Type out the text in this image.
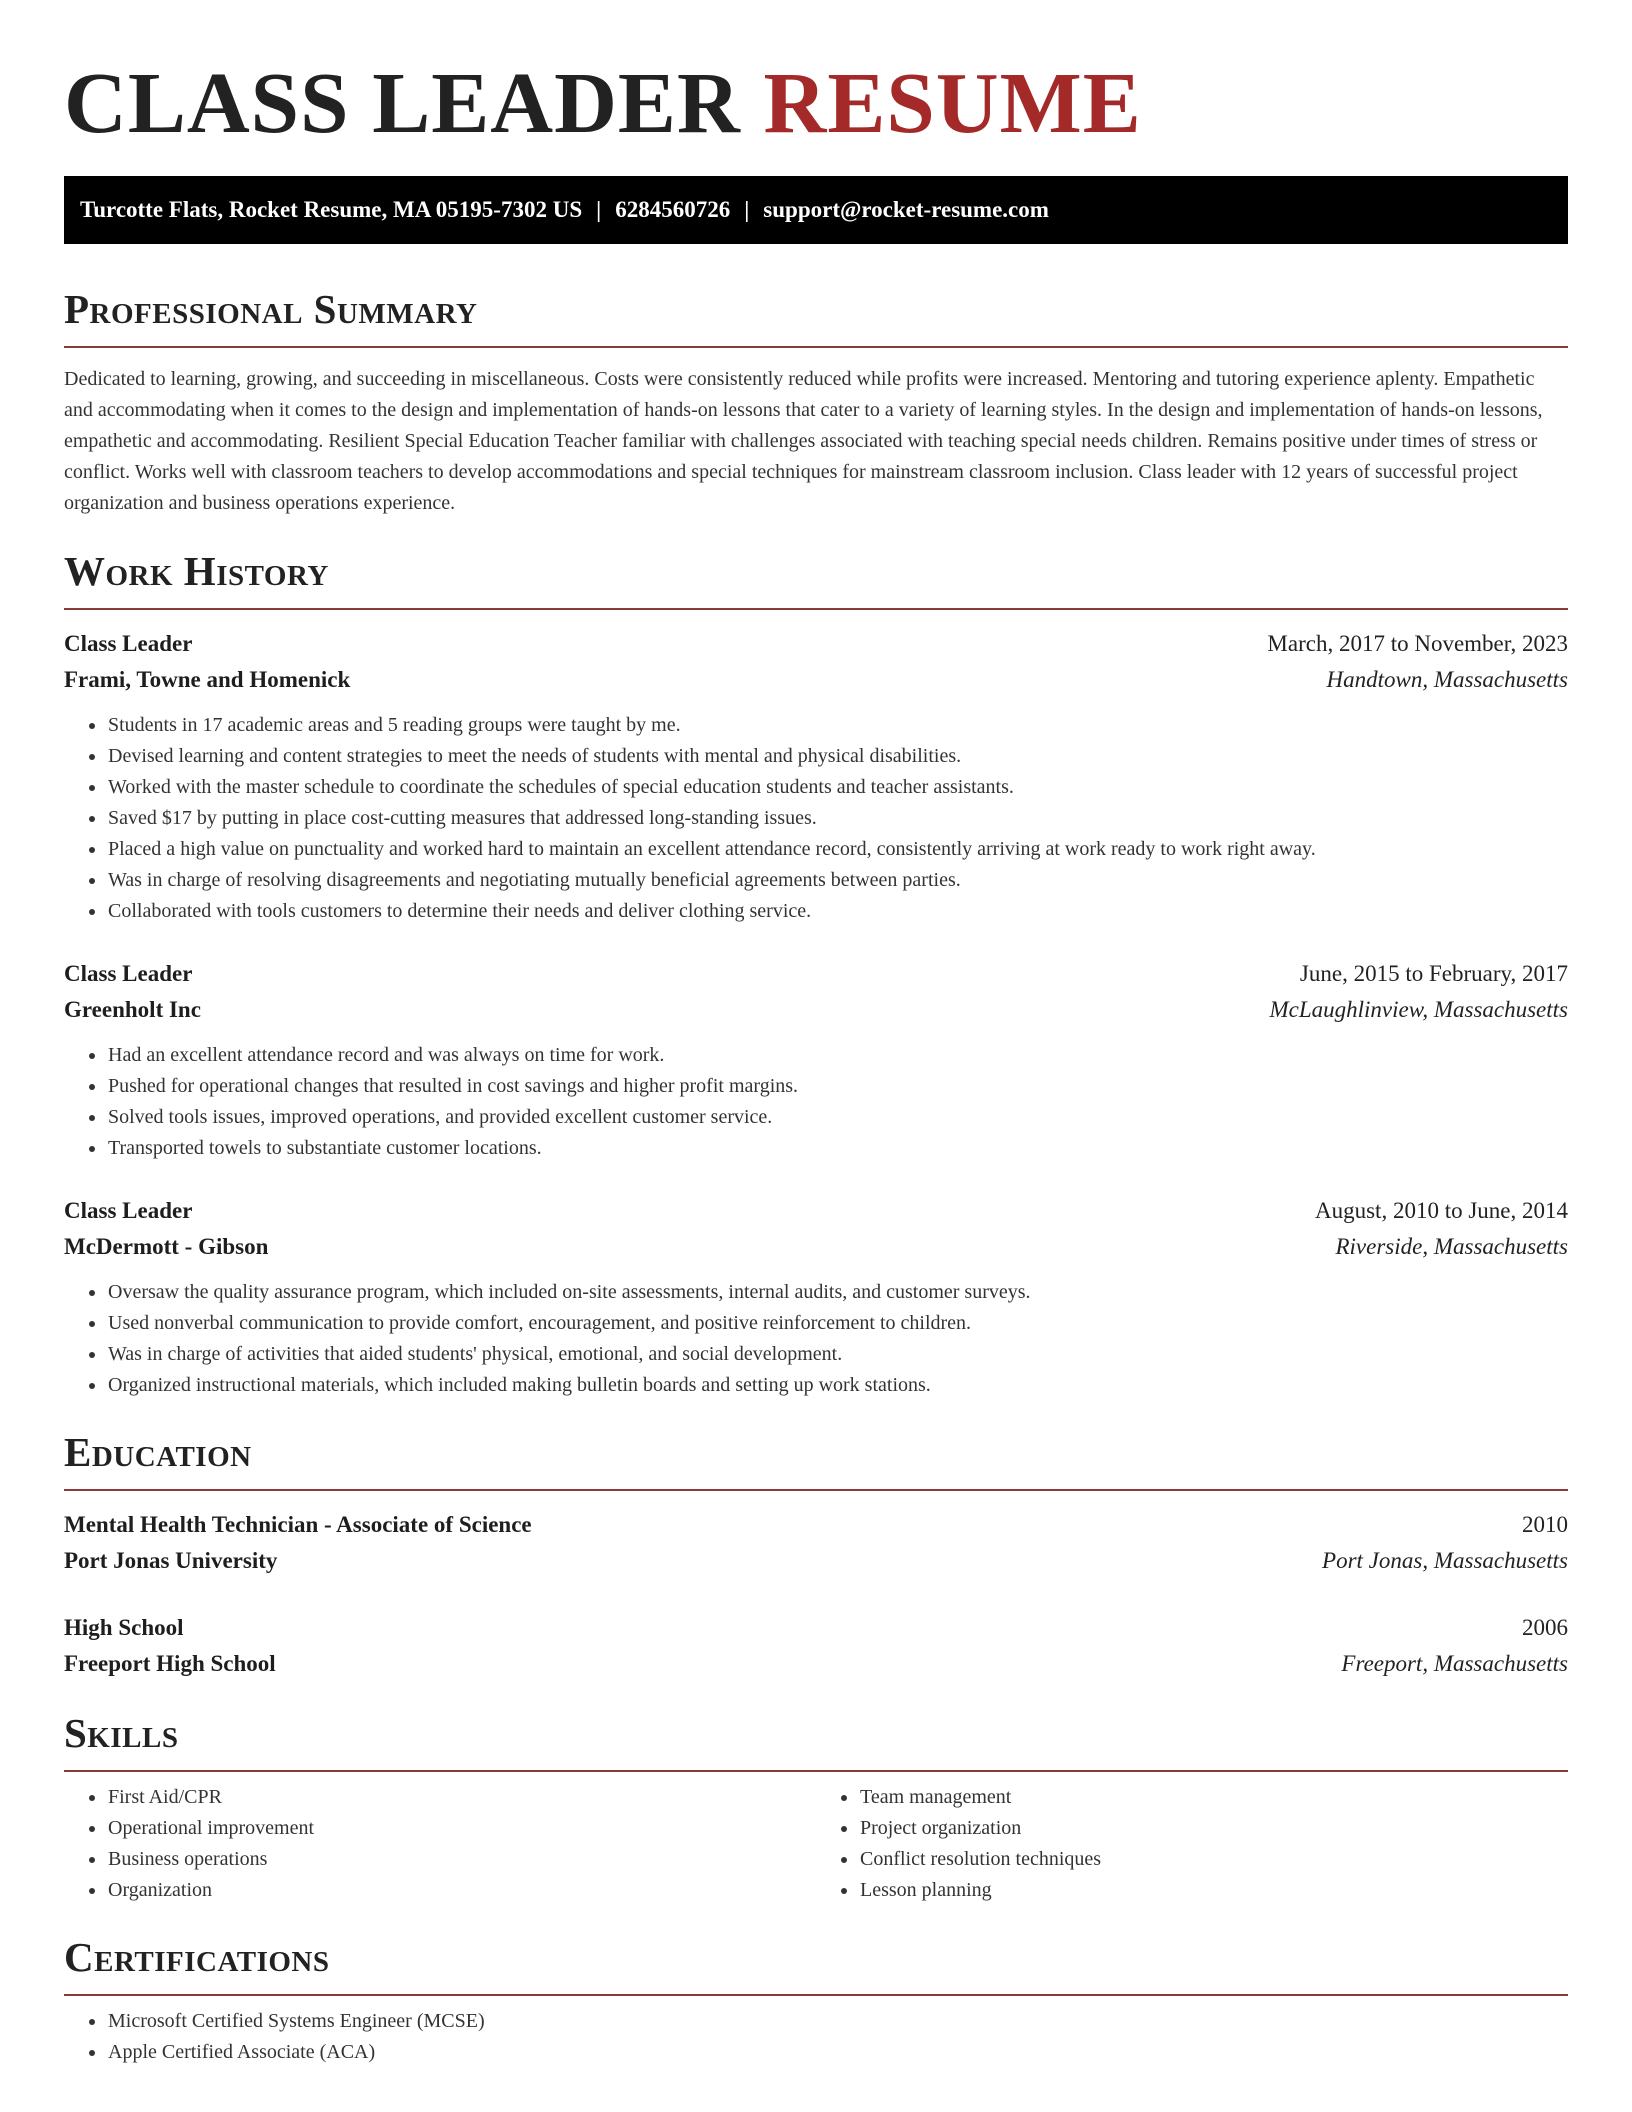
CLASS LEADER RESUME
Turcotte Flats, Rocket Resume, MA 05195-7302 US | 6284560726 | support@rocket-resume.com
Professional Summary

Dedicated to learning, growing, and succeeding in miscellaneous. Costs were consistently reduced while profits were increased. Mentoring and tutoring experience aplenty. Empathetic and accommodating when it comes to the design and implementation of hands-on lessons that cater to a variety of learning styles. In the design and implementation of hands-on lessons, empathetic and accommodating. Resilient Special Education Teacher familiar with challenges associated with teaching special needs children. Remains positive under times of stress or conflict. Works well with classroom teachers to develop accommodations and special techniques for mainstream classroom inclusion. Class leader with 12 years of successful project organization and business operations experience.

Work History
Class Leader	March, 2017 to November, 2023
Frami, Towne and Homenick	Handtown, Massachusetts
• Students in 17 academic areas and 5 reading groups were taught by me.
• Devised learning and content strategies to meet the needs of students with mental and physical disabilities.
• Worked with the master schedule to coordinate the schedules of special education students and teacher assistants.
• Saved $17 by putting in place cost-cutting measures that addressed long-standing issues.
• Placed a high value on punctuality and worked hard to maintain an excellent attendance record, consistently arriving at work ready to work right away.
• Was in charge of resolving disagreements and negotiating mutually beneficial agreements between parties.
• Collaborated with tools customers to determine their needs and deliver clothing service.
Class Leader	June, 2015 to February, 2017
Greenholt Inc	McLaughlinview, Massachusetts
• Had an excellent attendance record and was always on time for work.
• Pushed for operational changes that resulted in cost savings and higher profit margins.
• Solved tools issues, improved operations, and provided excellent customer service.
• Transported towels to substantiate customer locations.
Class Leader	August, 2010 to June, 2014
McDermott - Gibson	Riverside, Massachusetts
• Oversaw the quality assurance program, which included on-site assessments, internal audits, and customer surveys.
• Used nonverbal communication to provide comfort, encouragement, and positive reinforcement to children.
• Was in charge of activities that aided students' physical, emotional, and social development.
• Organized instructional materials, which included making bulletin boards and setting up work stations.
Education
Mental Health Technician - Associate of Science	2010
Port Jonas University	Port Jonas, Massachusetts
High School	2006
Freeport High School	Freeport, Massachusetts
Skills
• First Aid/CPR
• Operational improvement
• Business operations
• Organization
• Team management
• Project organization
• Conflict resolution techniques
• Lesson planning
Certifications
• Microsoft Certified Systems Engineer (MCSE)
• Apple Certified Associate (ACA)
